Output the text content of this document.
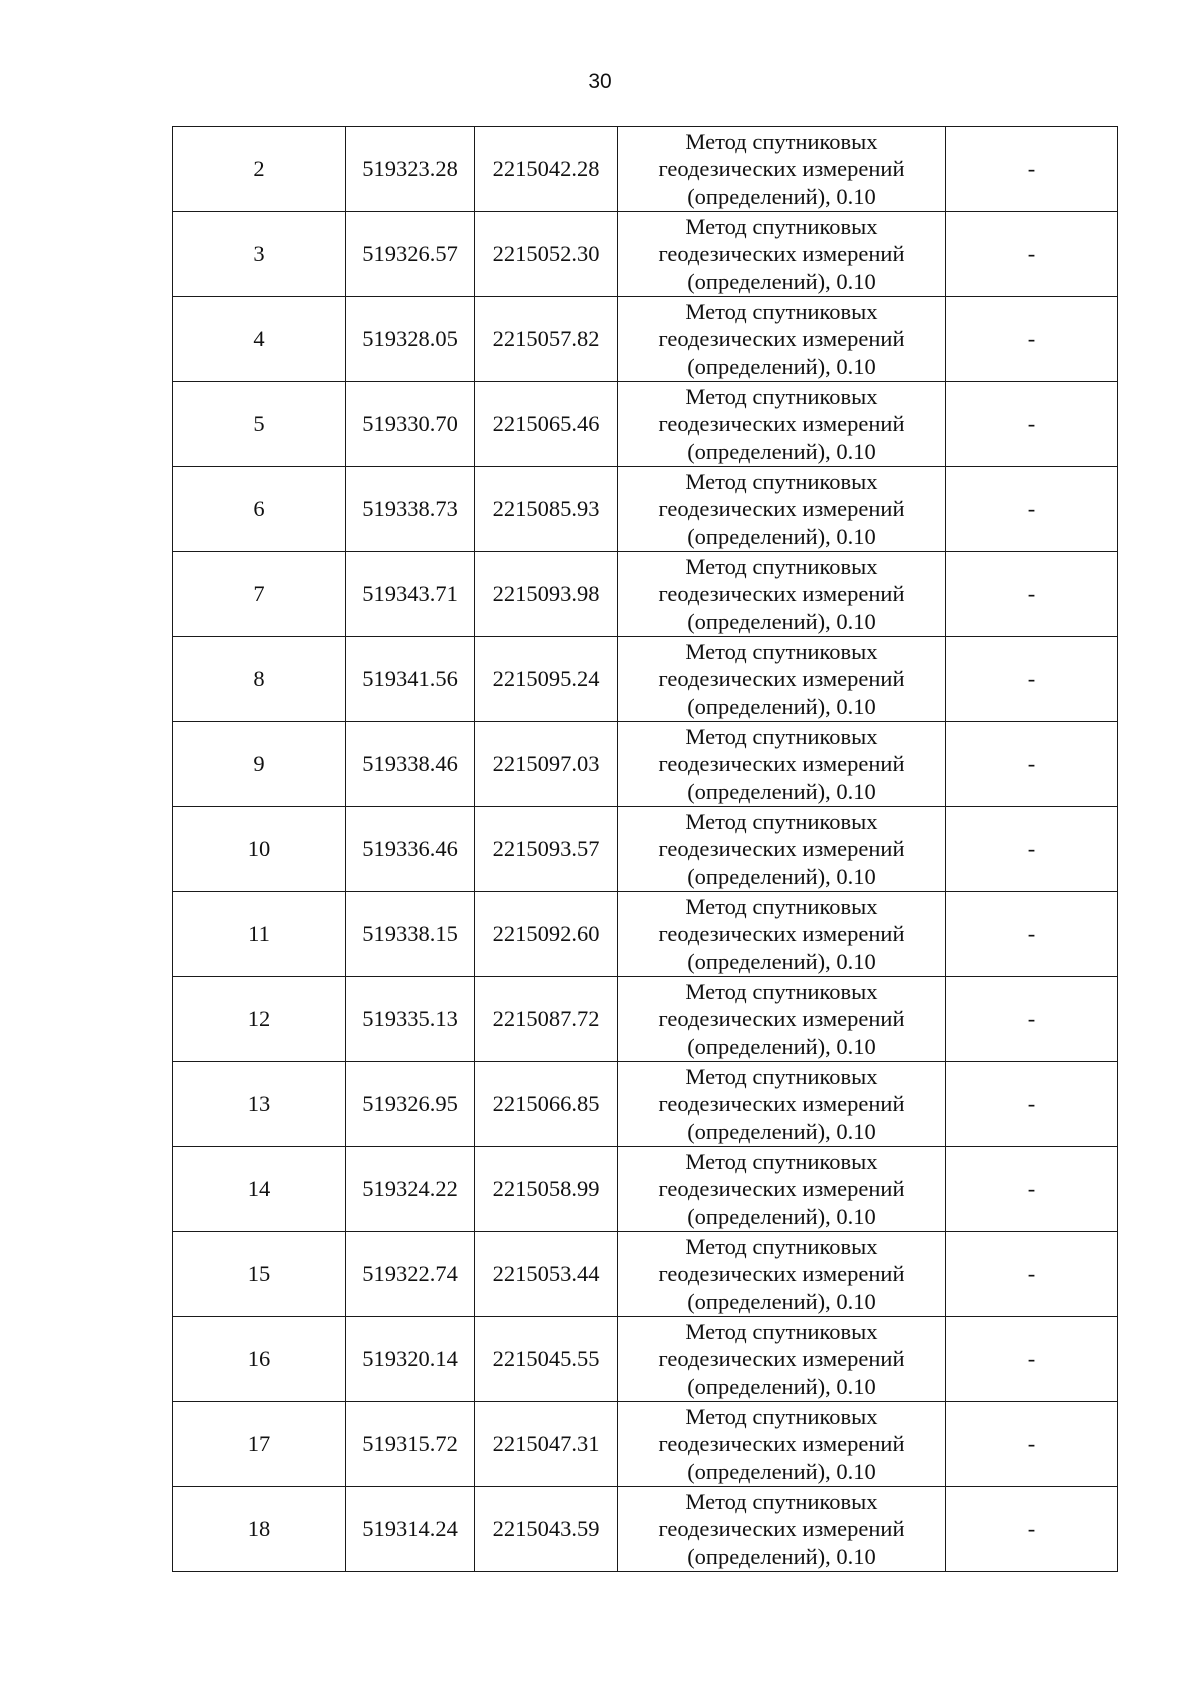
30
2	519323.28	2215042.28	Метод спутниковых
геодезических измерений
(определений), 0.10	-
3	519326.57	2215052.30	Метод спутниковых
геодезических измерений
(определений), 0.10	-
4	519328.05	2215057.82	Метод спутниковых
геодезических измерений
(определений), 0.10	-
5	519330.70	2215065.46	Метод спутниковых
геодезических измерений
(определений), 0.10	-
6	519338.73	2215085.93	Метод спутниковых
геодезических измерений
(определений), 0.10	-
7	519343.71	2215093.98	Метод спутниковых
геодезических измерений
(определений), 0.10	-
8	519341.56	2215095.24	Метод спутниковых
геодезических измерений
(определений), 0.10	-
9	519338.46	2215097.03	Метод спутниковых
геодезических измерений
(определений), 0.10	-
10	519336.46	2215093.57	Метод спутниковых
геодезических измерений
(определений), 0.10	-
11	519338.15	2215092.60	Метод спутниковых
геодезических измерений
(определений), 0.10	-
12	519335.13	2215087.72	Метод спутниковых
геодезических измерений
(определений), 0.10	-
13	519326.95	2215066.85	Метод спутниковых
геодезических измерений
(определений), 0.10	-
14	519324.22	2215058.99	Метод спутниковых
геодезических измерений
(определений), 0.10	-
15	519322.74	2215053.44	Метод спутниковых
геодезических измерений
(определений), 0.10	-
16	519320.14	2215045.55	Метод спутниковых
геодезических измерений
(определений), 0.10	-
17	519315.72	2215047.31	Метод спутниковых
геодезических измерений
(определений), 0.10	-
18	519314.24	2215043.59	Метод спутниковых
геодезических измерений
(определений), 0.10	-
